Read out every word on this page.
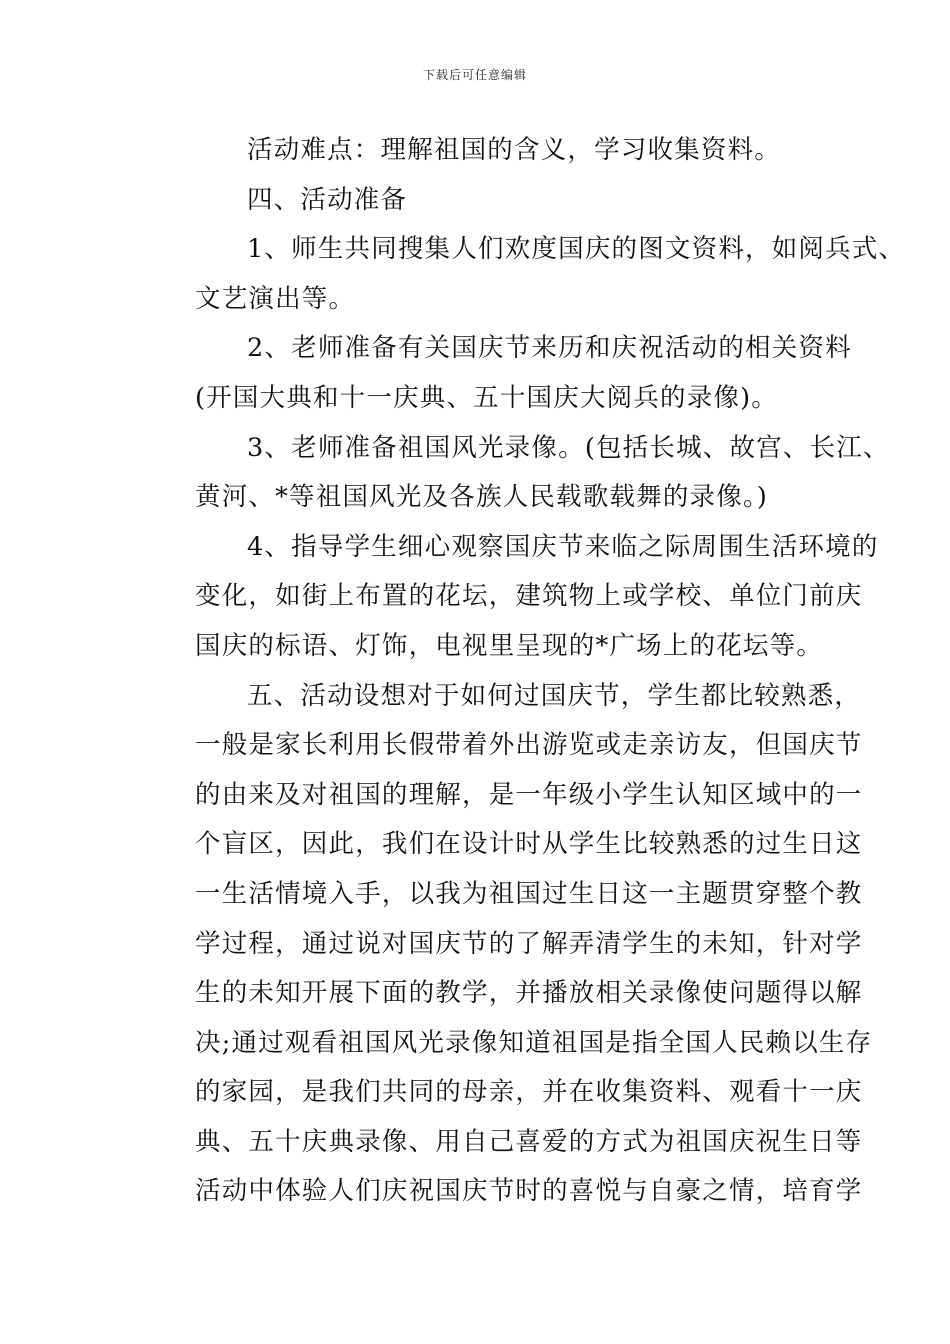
下载后可任意编辑
活动难点：理解祖国的含义，学习收集资料。
四、活动准备
1、师生共同搜集人们欢度国庆的图文资料，如阅兵式、
文艺演出等。
2、老师准备有关国庆节来历和庆祝活动的相关资料
(开国大典和十一庆典、五十国庆大阅兵的录像)。
3、老师准备祖国风光录像。(包括长城、故宫、长江、
黄河、*等祖国风光及各族人民载歌载舞的录像。)
4、指导学生细心观察国庆节来临之际周围生活环境的
变化，如街上布置的花坛，建筑物上或学校、单位门前庆
国庆的标语、灯饰，电视里呈现的*广场上的花坛等。
五、活动设想对于如何过国庆节，学生都比较熟悉，
一般是家长利用长假带着外出游览或走亲访友，但国庆节
的由来及对祖国的理解，是一年级小学生认知区域中的一
个盲区，因此，我们在设计时从学生比较熟悉的过生日这
一生活情境入手，以我为祖国过生日这一主题贯穿整个教
学过程，通过说对国庆节的了解弄清学生的未知，针对学
生的未知开展下面的教学，并播放相关录像使问题得以解
决;通过观看祖国风光录像知道祖国是指全国人民赖以生存
的家园，是我们共同的母亲，并在收集资料、观看十一庆
典、五十庆典录像、用自己喜爱的方式为祖国庆祝生日等
活动中体验人们庆祝国庆节时的喜悦与自豪之情，培育学
